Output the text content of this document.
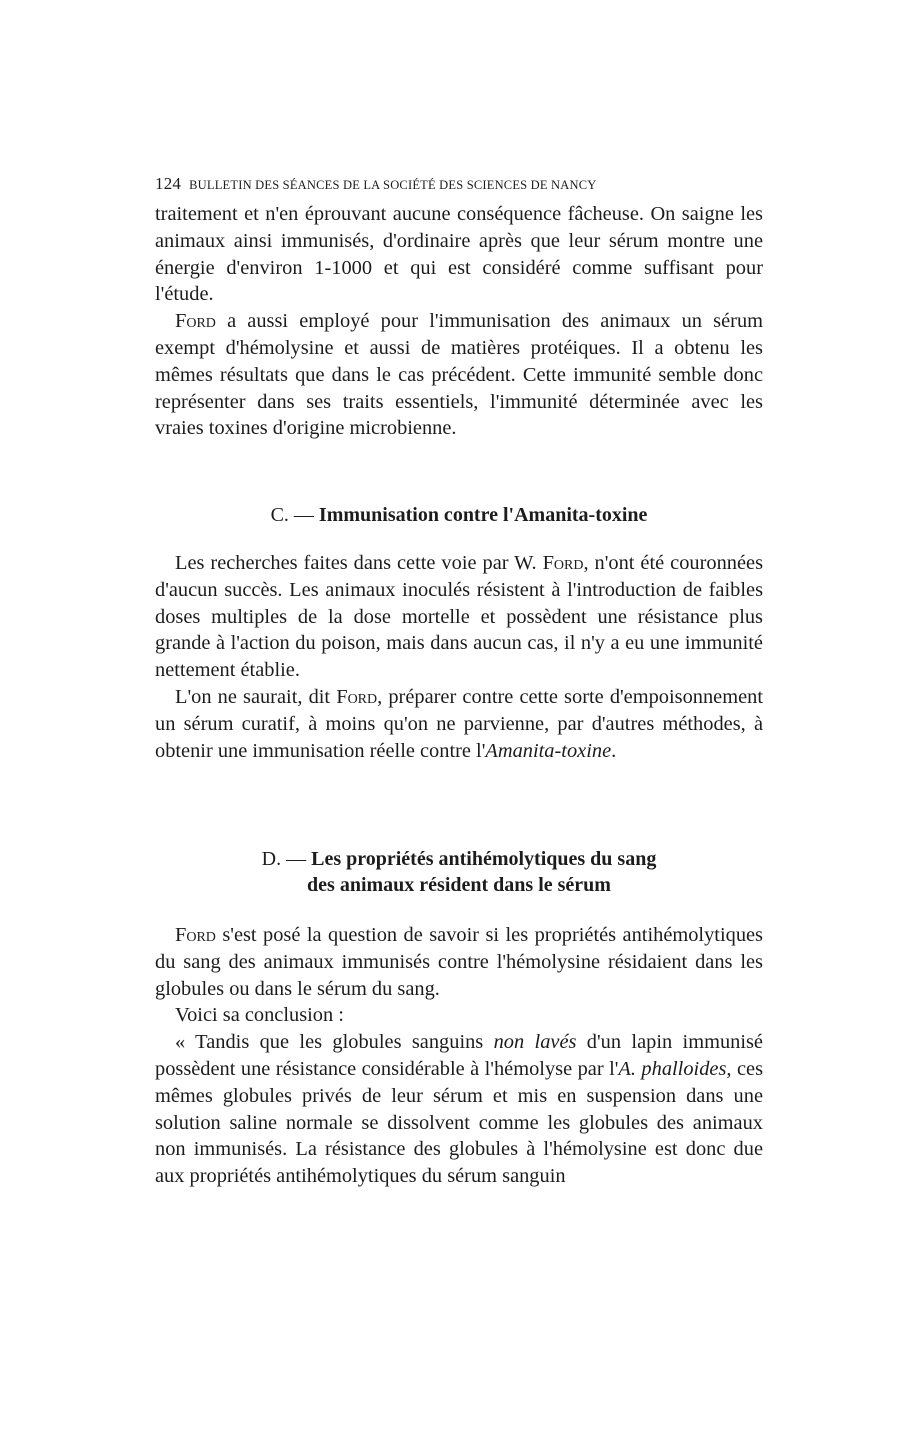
124 BULLETIN DES SÉANCES DE LA SOCIÉTÉ DES SCIENCES DE NANCY

traitement et n'en éprouvant aucune conséquence fâcheuse. On saigne les animaux ainsi immunisés, d'ordinaire après que leur sérum montre une énergie d'environ 1-1000 et qui est considéré comme suffisant pour l'étude.

Ford a aussi employé pour l'immunisation des animaux un sérum exempt d'hémolysine et aussi de matières protéiques. Il a obtenu les mêmes résultats que dans le cas précédent. Cette immunité semble donc représenter dans ses traits essentiels, l'immunité déterminée avec les vraies toxines d'origine microbienne.

C. — Immunisation contre l'Amanita-toxine

Les recherches faites dans cette voie par W. Ford, n'ont été couronnées d'aucun succès. Les animaux inoculés résistent à l'introduction de faibles doses multiples de la dose mortelle et possèdent une résistance plus grande à l'action du poison, mais dans aucun cas, il n'y a eu une immunité nettement établie.

L'on ne saurait, dit Ford, préparer contre cette sorte d'empoisonnement un sérum curatif, à moins qu'on ne parvienne, par d'autres méthodes, à obtenir une immunisation réelle contre l'Amanita-toxine.

D. — Les propriétés antihémolytiques du sang
des animaux résident dans le sérum

Ford s'est posé la question de savoir si les propriétés antihémolytiques du sang des animaux immunisés contre l'hémolysine résidaient dans les globules ou dans le sérum du sang.

Voici sa conclusion :

« Tandis que les globules sanguins non lavés d'un lapin immunisé possèdent une résistance considérable à l'hémolyse par l'A. phalloides, ces mêmes globules privés de leur sérum et mis en suspension dans une solution saline normale se dissolvent comme les globules des animaux non immunisés. La résistance des globules à l'hémolysine est donc due aux propriétés antihémolytiques du sérum sanguin
